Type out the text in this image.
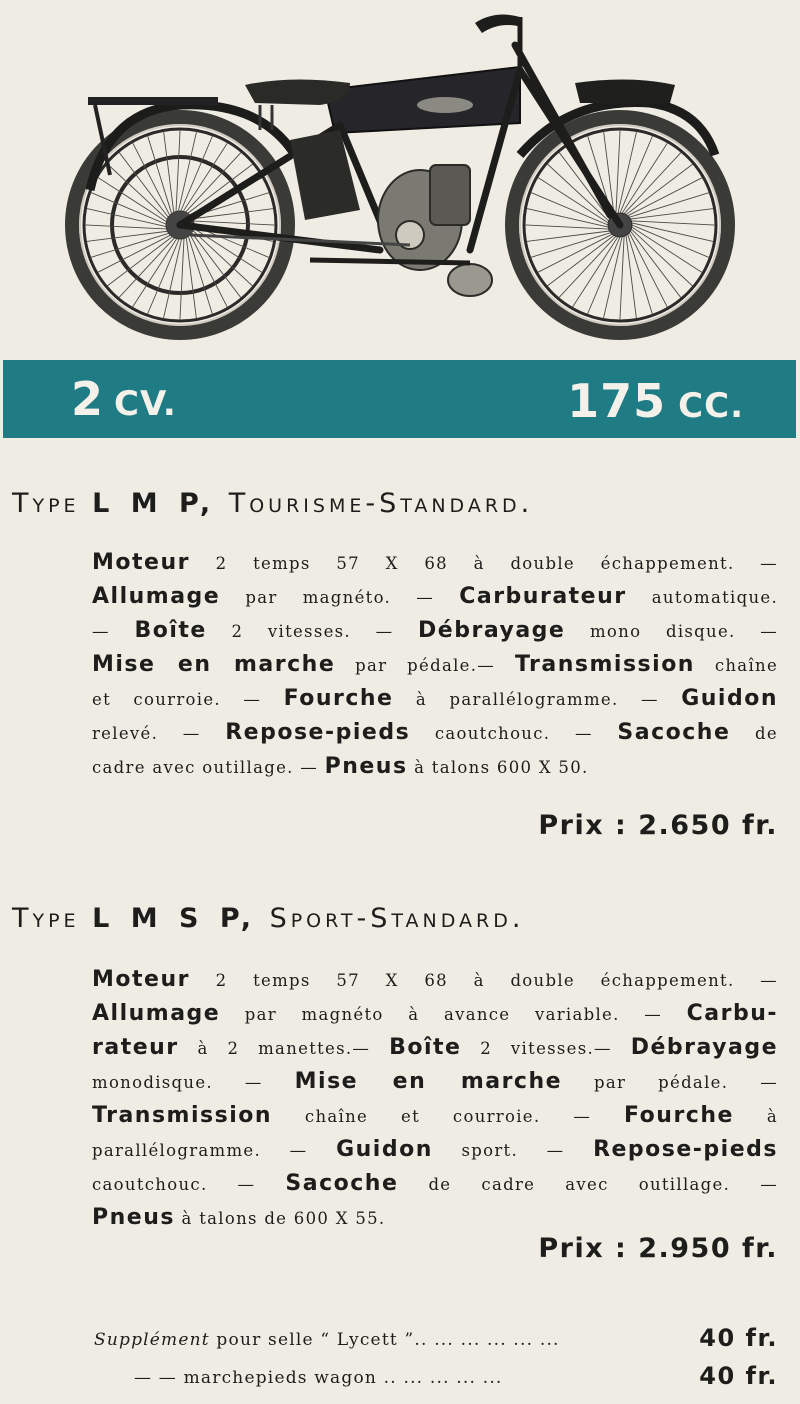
2 CV.	175 CC.
Type L M P, Tourisme-Standard.
Moteur 2 temps 57 X 68 à double échappement. —
Allumage par magnéto. — Carburateur automatique.
— Boîte 2 vitesses. — Débrayage mono disque. —
Mise en marche par pédale.— Transmission chaîne
et courroie. — Fourche à parallélogramme. — Guidon
relevé. — Repose-pieds caoutchouc. — Sacoche de
cadre avec outillage. — Pneus à talons 600 X 50.
Prix : 2.650 fr.
Type L M S P, Sport-Standard.
Moteur 2 temps 57 X 68 à double échappement. —
Allumage par magnéto à avance variable. — Carbu-
rateur à 2 manettes.— Boîte 2 vitesses.— Débrayage
monodisque. — Mise en marche par pédale. —
Transmission chaîne et courroie. — Fourche à
parallélogramme. — Guidon sport. — Repose-pieds
caoutchouc. — Sacoche de cadre avec outillage. —
Pneus à talons de 600 X 55.
Prix : 2.950 fr.
Supplément pour selle “ Lycett ”.. ... ... ... ... ...	40 fr.
— — marchepieds wagon .. ... ... ... ...	40 fr.
